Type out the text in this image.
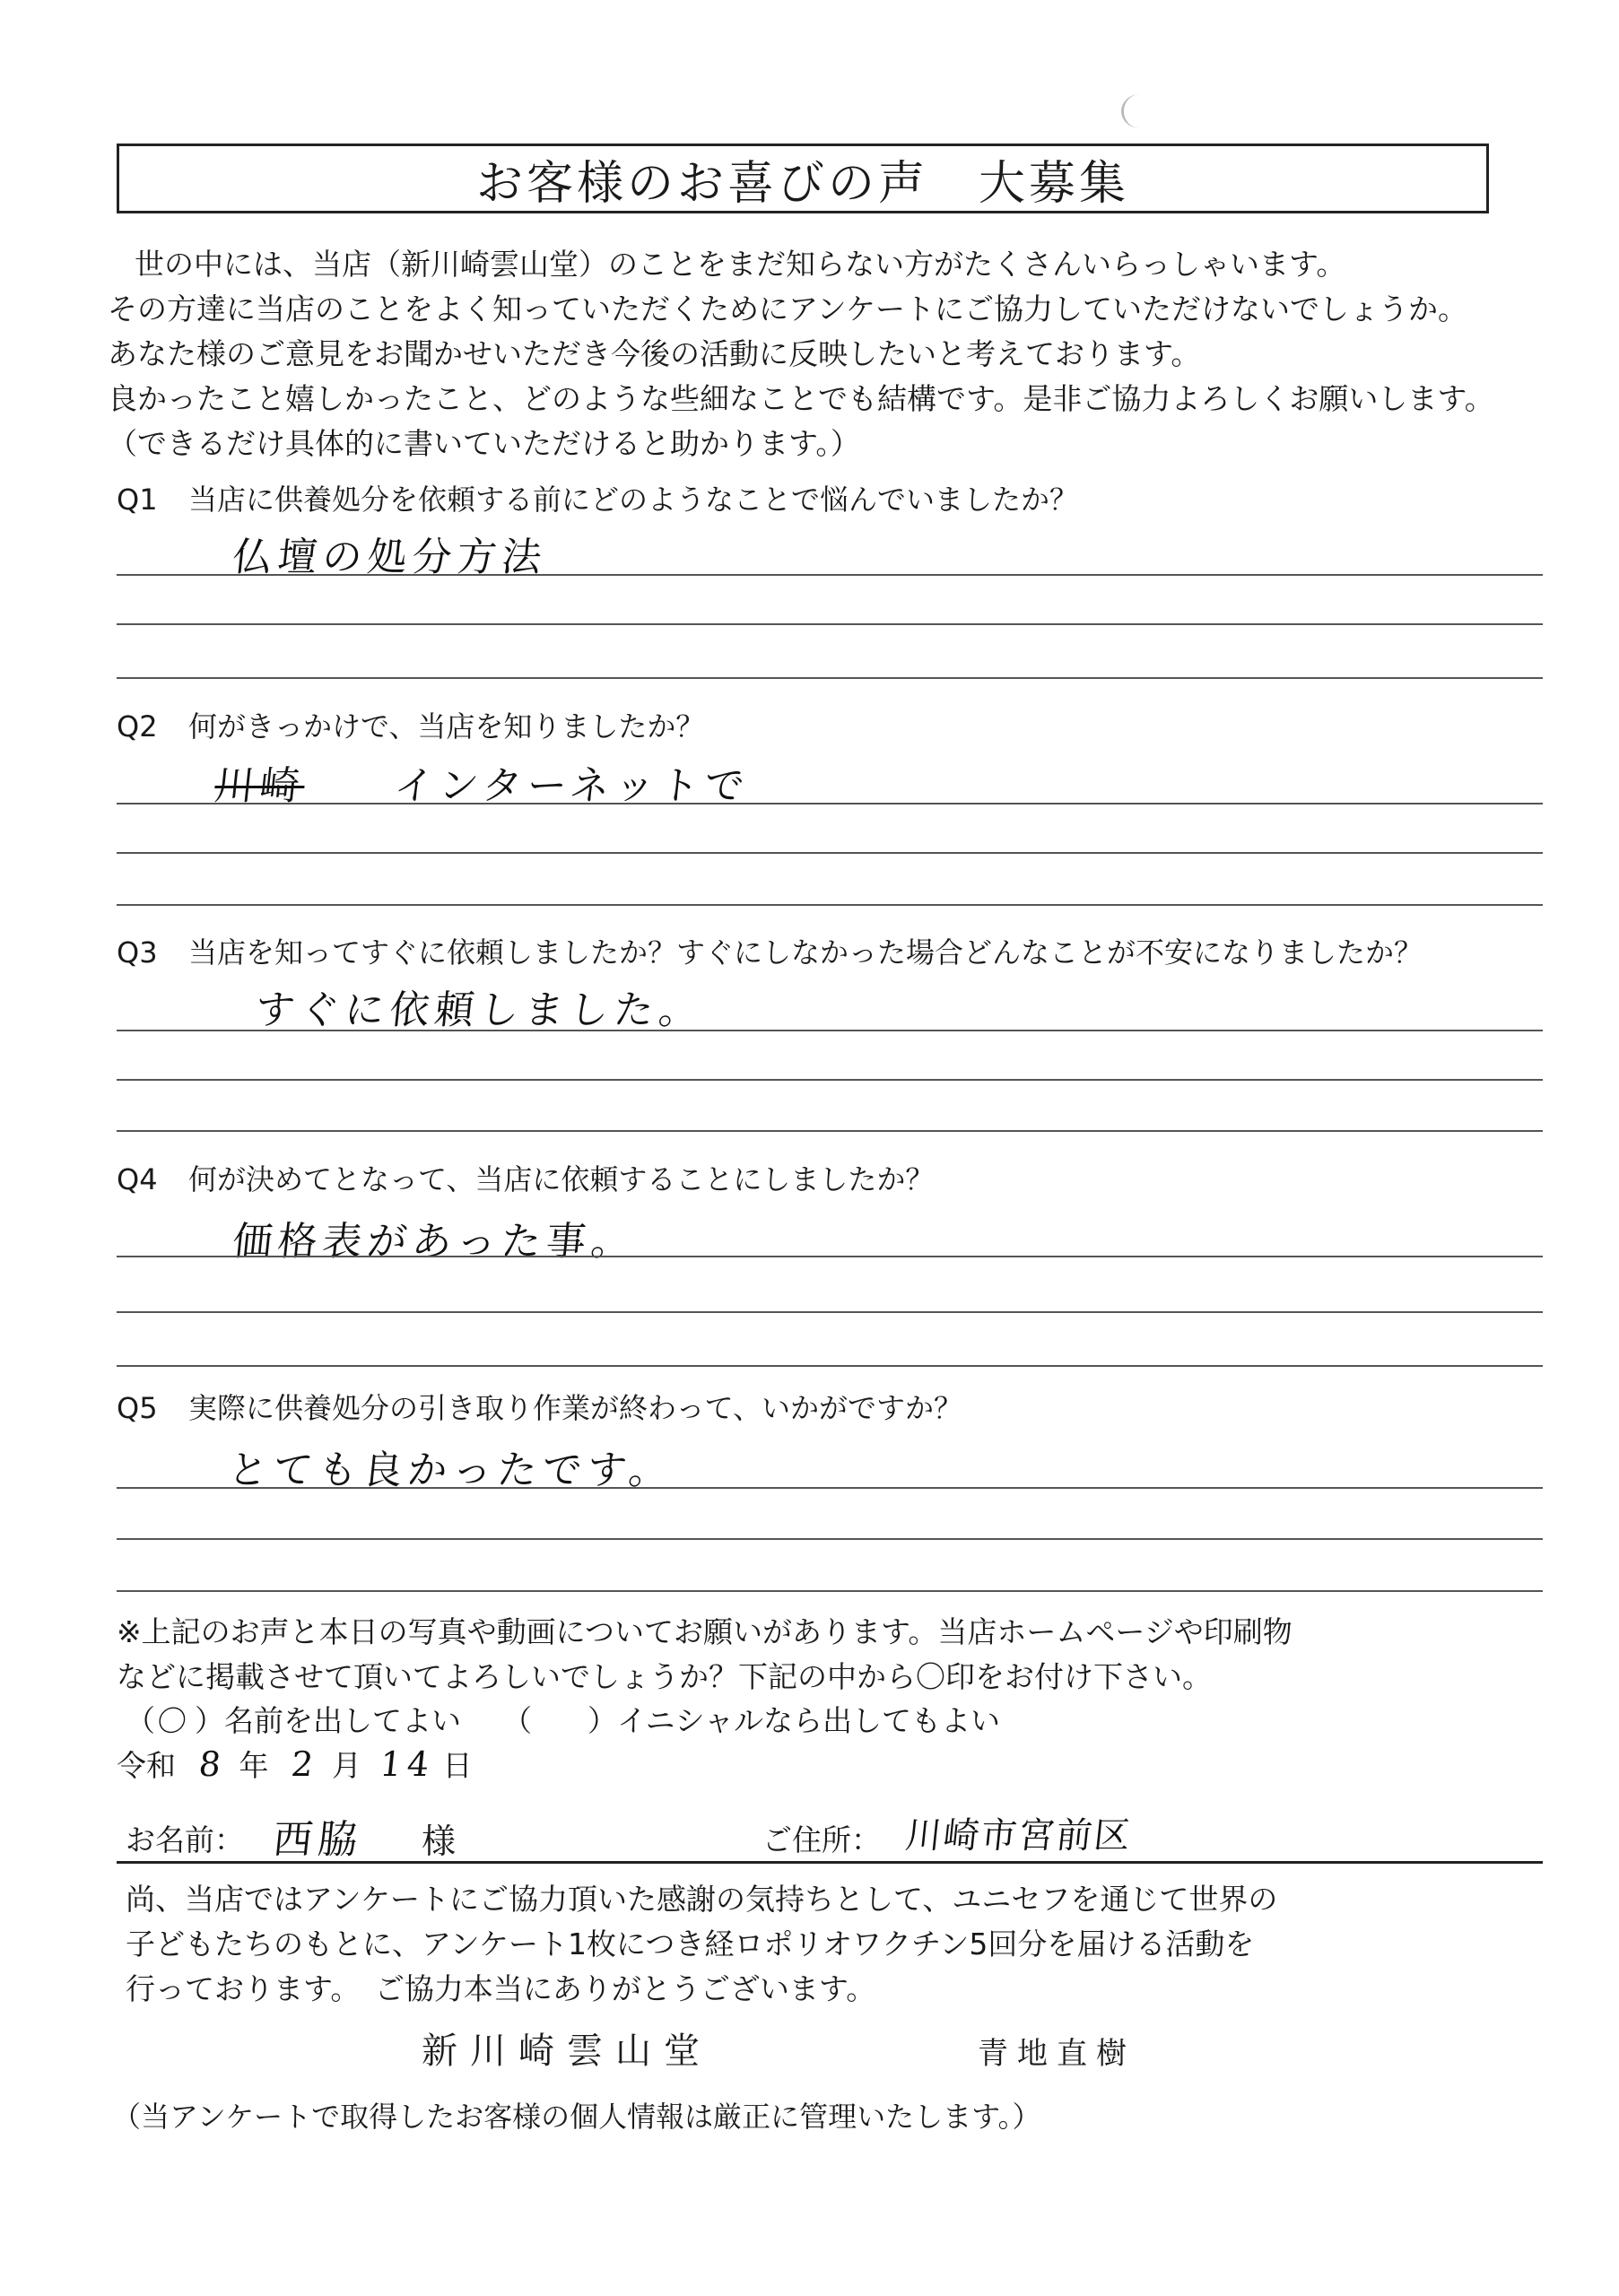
お客様のお喜びの声　大募集
世の中には、当店（新川崎雲山堂）のことをまだ知らない方がたくさんいらっしゃいます。
その方達に当店のことをよく知っていただくためにアンケートにご協力していただけないでしょうか。
あなた様のご意見をお聞かせいただき今後の活動に反映したいと考えております。
良かったこと嬉しかったこと、どのような些細なことでも結構です。是非ご協力よろしくお願いします。
（できるだけ具体的に書いていただけると助かります。）
Q1 当店に供養処分を依頼する前にどのようなことで悩んでいましたか？
仏壇の処分方法
Q2 何がきっかけで、当店を知りましたか？
川崎 インターネットで
Q3 当店を知ってすぐに依頼しましたか？すぐにしなかった場合どんなことが不安になりましたか？
すぐに依頼しました。
Q4 何が決めてとなって、当店に依頼することにしましたか？
価格表があった事。
Q5 実際に供養処分の引き取り作業が終わって、いかがですか？
とても良かったです。
※上記のお声と本日の写真や動画についてお願いがあります。当店ホームページや印刷物
などに掲載させて頂いてよろしいでしょうか？下記の中から〇印をお付け下さい。
（〇）名前を出してよい （ ）イニシャルなら出してもよい
令和 8 年 2 月 14 日
お名前： 西脇 様	ご住所： 川崎市宮前区
尚、当店ではアンケートにご協力頂いた感謝の気持ちとして、ユニセフを通じて世界の
子どもたちのもとに、アンケート1枚につき経ロポリオワクチン5回分を届ける活動を
行っております。　ご協力本当にありがとうございます。
新川崎雲山堂	青地直樹
（当アンケートで取得したお客様の個人情報は厳正に管理いたします。）
